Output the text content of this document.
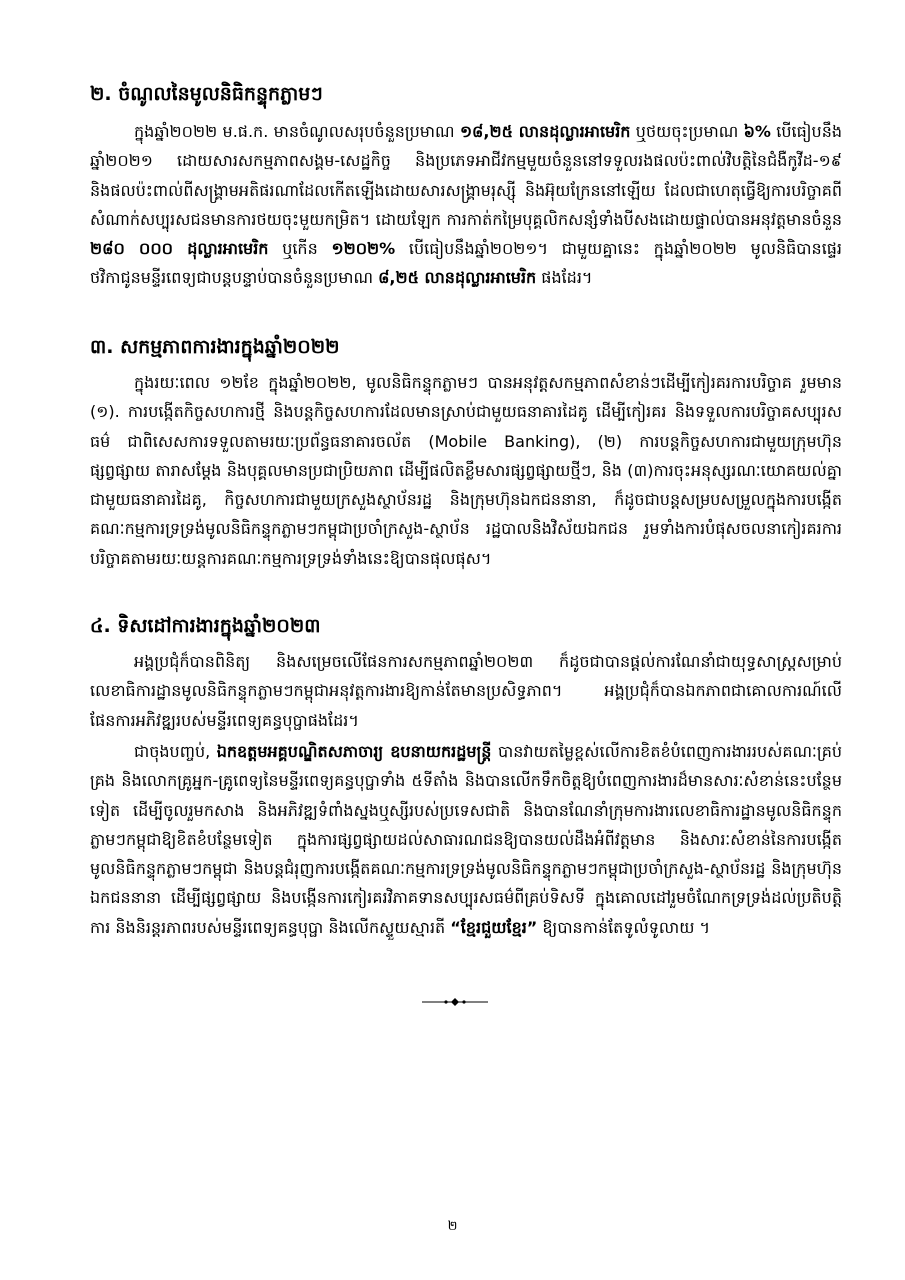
២. ចំណូលនៃមូលនិធិកន្ទុកភ្លាមៗ
ក្នុងឆ្នាំ២០២២ ម.ផ.ក. មានចំណូលសរុបចំនួនប្រមាណ ១៨,២៥ លានដុល្លារអាមេរិក ឬថយចុះប្រមាណ ៦% បើធៀបនឹងឆ្នាំ២០២១ ដោយសារសកម្មភាពសង្គម-សេដ្ឋកិច្ច និងប្រភេទអាជីវកម្មមួយចំនួននៅទទួលរងផលប៉ះពាល់វិបត្តិនៃជំងឺកូវីដ-១៩ និងផលប៉ះពាល់ពីសង្គ្រាមអតិផរណាដែលកើតឡើងដោយសារសង្គ្រាមរុស្ស៊ី និងអ៊ុយក្រែននៅឡើយ ដែលជាហេតុធ្វើឱ្យការបរិច្ចាគពីសំណាក់សប្បុរសជនមានការថយចុះមួយកម្រិត។ ដោយឡែក ការកាត់កម្រៃបុគ្គលិកសន្សំទាំងបីសងដោយផ្ទាល់បានអនុវត្តមានចំនួន ២៨០ ០០០ ដុល្លារអាមេរិក ឬកើន ១២០២% បើធៀបនឹងឆ្នាំ២០២១។ ជាមួយគ្នានេះ ក្នុងឆ្នាំ២០២២ មូលនិធិបានផ្ទេរថវិកាជូនមន្ទីរពេទ្យជាបន្តបន្ទាប់បានចំនួនប្រមាណ ៨,២៥ លានដុល្លារអាមេរិក ផងដែរ។
៣. សកម្មភាពការងារក្នុងឆ្នាំ២០២២
ក្នុងរយៈពេល ១២ខែ ក្នុងឆ្នាំ២០២២, មូលនិធិកន្ទុកភ្លាមៗ បានអនុវត្តសកម្មភាពសំខាន់ៗដើម្បីកៀរគរការបរិច្ចាគ រួមមាន (១). ការបង្កើតកិច្ចសហការថ្មី និងបន្តកិច្ចសហការដែលមានស្រាប់ជាមួយធនាគារដៃគូ ដើម្បីកៀរគរ និងទទួលការបរិច្ចាគសប្បុរសធម៌ ជាពិសេសការទទួលតាមរយៈប្រព័ន្ធធនាគារចល័ត (Mobile Banking), (២) ការបន្តកិច្ចសហការជាមួយក្រុមហ៊ុនផ្សព្វផ្សាយ តារាសម្តែង និងបុគ្គលមានប្រជាប្រិយភាព ដើម្បីផលិតខ្លឹមសារផ្សព្វផ្សាយថ្មីៗ, និង (៣)ការចុះអនុស្សរណៈយោគយល់គ្នាជាមួយធនាគារដៃគូ, កិច្ចសហការជាមួយក្រសួងស្ថាប័នរដ្ឋ និងក្រុមហ៊ុនឯកជននានា, ក៏ដូចជាបន្តសម្របសម្រួលក្នុងការបង្កើតគណៈកម្មការទ្រទ្រង់មូលនិធិកន្ទុកភ្លាមៗកម្ពុជាប្រចាំក្រសួង-ស្ថាប័ន រដ្ឋបាលនិងវិស័យឯកជន រួមទាំងការបំផុសចលនាកៀរគរការបរិច្ចាគតាមរយៈយន្តការគណៈកម្មការទ្រទ្រង់ទាំងនេះឱ្យបានផុលផុស។
៤. ទិសដៅការងារក្នុងឆ្នាំ២០២៣
អង្គប្រជុំក៏បានពិនិត្យ និងសម្រេចលើផែនការសកម្មភាពឆ្នាំ២០២៣ ក៏ដូចជាបានផ្តល់ការណែនាំជាយុទ្ធសាស្ត្រសម្រាប់លេខាធិការដ្ឋានមូលនិធិកន្ទុកភ្លាមៗកម្ពុជាអនុវត្តការងារឱ្យកាន់តែមានប្រសិទ្ធភាព។ អង្គប្រជុំក៏បានឯកភាពជាគោលការណ៍លើផែនការអភិវឌ្ឍរបស់មន្ទីរពេទ្យគន្ធបុប្ផាផងដែរ។
ជាចុងបញ្ចប់, ឯកឧត្តមអគ្គបណ្ឌិតសភាចារ្យ ឧបនាយករដ្ឋមន្ត្រី បានវាយតម្លៃខ្ពស់លើការខិតខំបំពេញការងាររបស់គណៈគ្រប់គ្រង និងលោកគ្រូអ្នក-គ្រូពេទ្យនៃមន្ទីរពេទ្យគន្ធបុប្ផាទាំង ៥ទីតាំង និងបានលើកទឹកចិត្តឱ្យបំពេញការងារដ៏មានសារៈសំខាន់នេះបន្ថែមទៀត ដើម្បីចូលរួមកសាង និងអភិវឌ្ឍទំពាំងស្នងឬស្សីរបស់ប្រទេសជាតិ និងបានណែនាំក្រុមការងារលេខាធិការដ្ឋានមូលនិធិកន្ទុកភ្លាមៗកម្ពុជាឱ្យខិតខំបន្ថែមទៀត ក្នុងការផ្សព្វផ្សាយដល់សាធារណជនឱ្យបានយល់ដឹងអំពីវត្តមាន និងសារៈសំខាន់នៃការបង្កើតមូលនិធិកន្ទុកភ្លាមៗកម្ពុជា និងបន្តជំរុញការបង្កើតគណៈកម្មការទ្រទ្រង់មូលនិធិកន្ទុកភ្លាមៗកម្ពុជាប្រចាំក្រសួង-ស្ថាប័នរដ្ឋ និងក្រុមហ៊ុនឯកជននានា ដើម្បីផ្សព្វផ្សាយ និងបង្កើនការកៀរគរវិភាគទានសប្បុរសធម៌ពីគ្រប់ទិសទី ក្នុងគោលដៅរួមចំណែកទ្រទ្រង់ដល់ប្រតិបត្តិការ និងនិរន្តរភាពរបស់មន្ទីរពេទ្យគន្ធបុប្ផា និងលើកស្ទួយស្មារតី “ខ្មែរជួយខ្មែរ” ឱ្យបានកាន់តែទូលំទូលាយ ។
២
